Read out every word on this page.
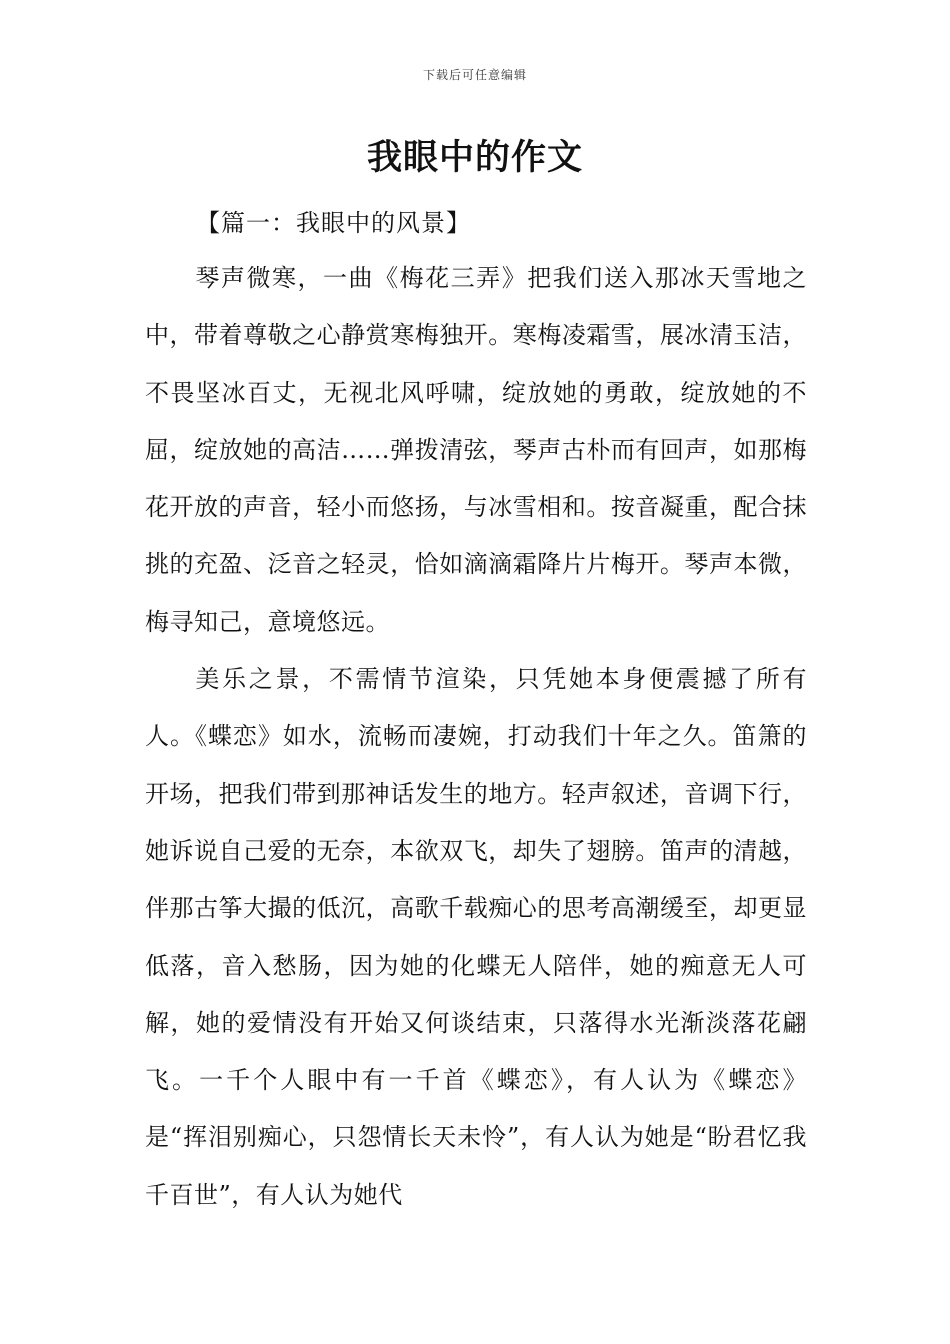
下载后可任意编辑
我眼中的作文
【篇一：我眼中的风景】

琴声微寒，一曲《梅花三弄》把我们送入那冰天雪地之中，带着尊敬之心静赏寒梅独开。寒梅凌霜雪，展冰清玉洁，不畏坚冰百丈，无视北风呼啸，绽放她的勇敢，绽放她的不屈，绽放她的高洁……弹拨清弦，琴声古朴而有回声，如那梅花开放的声音，轻小而悠扬，与冰雪相和。按音凝重，配合抹挑的充盈、泛音之轻灵，恰如滴滴霜降片片梅开。琴声本微，梅寻知己，意境悠远。

美乐之景，不需情节渲染，只凭她本身便震撼了所有人。《蝶恋》如水，流畅而凄婉，打动我们十年之久。笛箫的开场，把我们带到那神话发生的地方。轻声叙述，音调下行，她诉说自己爱的无奈，本欲双飞，却失了翅膀。笛声的清越，伴那古筝大撮的低沉，高歌千载痴心的思考高潮缓至，却更显低落，音入愁肠，因为她的化蝶无人陪伴，她的痴意无人可解，她的爱情没有开始又何谈结束，只落得水光渐淡落花翩飞。一千个人眼中有一千首《蝶恋》，有人认为《蝶恋》是“挥泪别痴心，只怨情长天未怜”，有人认为她是“盼君忆我千百世”，有人认为她代
